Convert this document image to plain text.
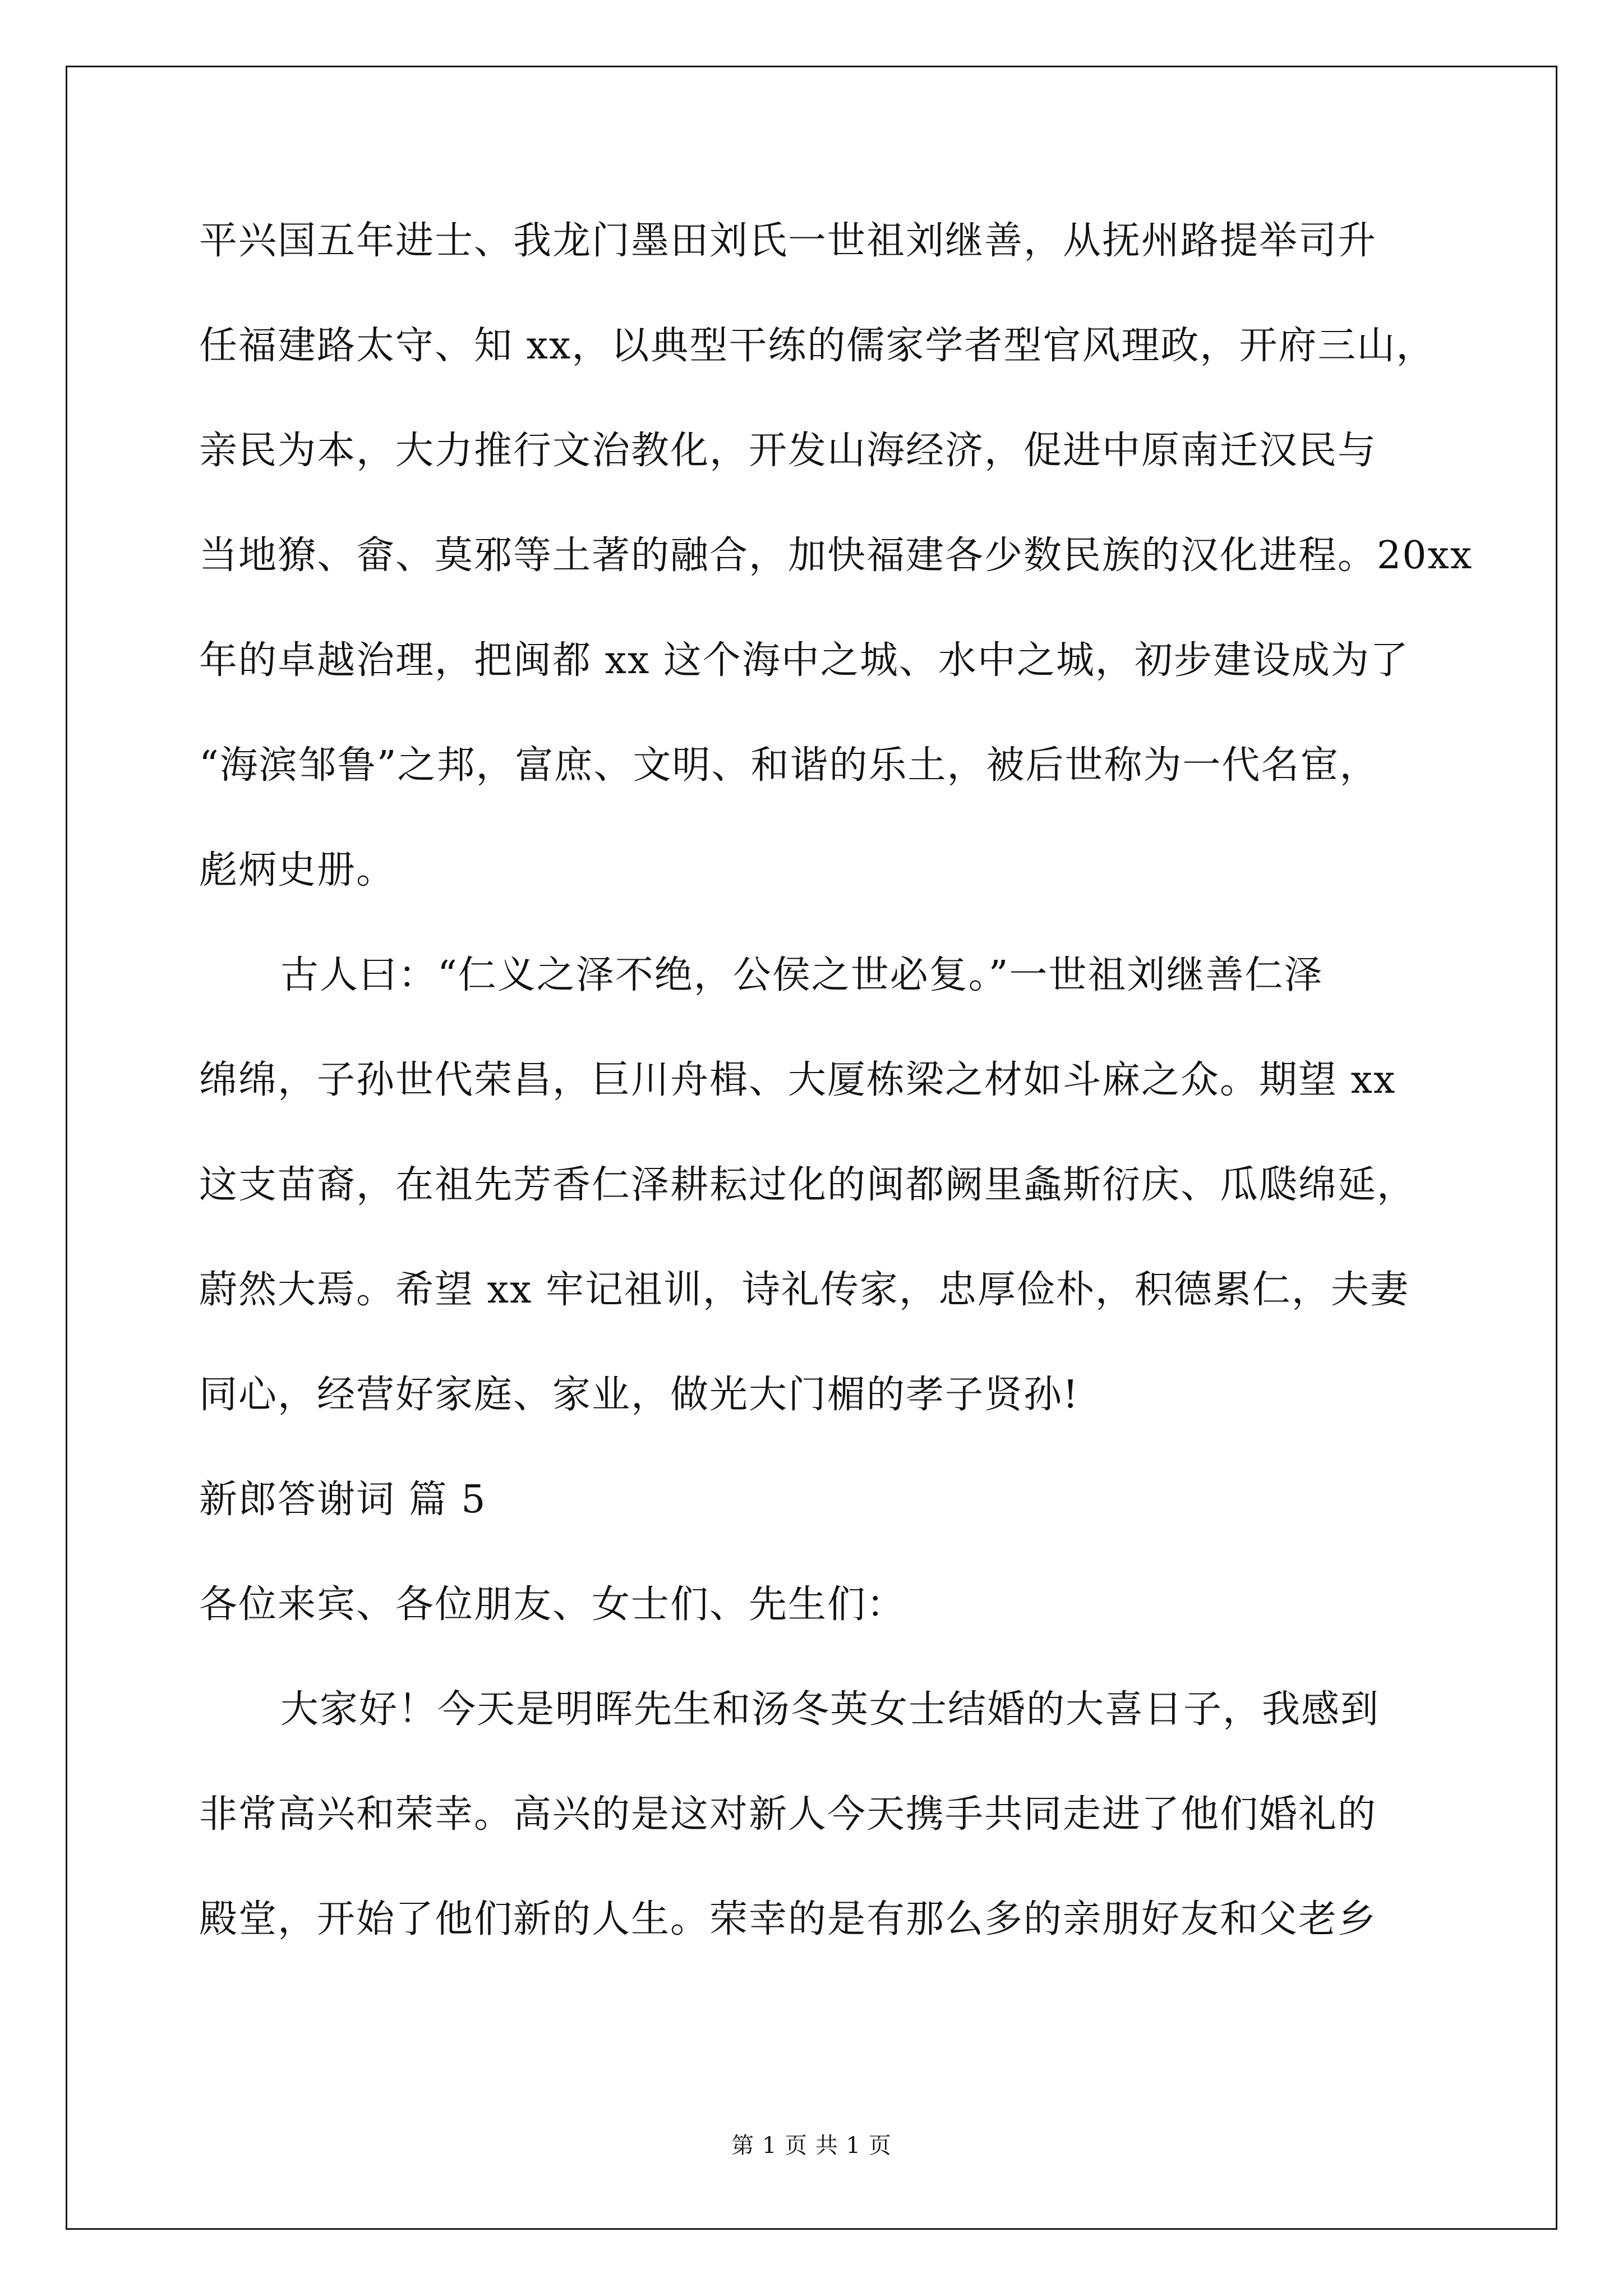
平兴国五年进士、我龙门墨田刘氏一世祖刘继善，从抚州路提举司升
任福建路太守、知 xx，以典型干练的儒家学者型官风理政，开府三山，
亲民为本，大力推行文治教化，开发山海经济，促进中原南迁汉民与
当地獠、畲、莫邪等土著的融合，加快福建各少数民族的汉化进程。20xx
年的卓越治理，把闽都 xx 这个海中之城、水中之城，初步建设成为了
“海滨邹鲁”之邦，富庶、文明、和谐的乐土，被后世称为一代名宦，
彪炳史册。
古人曰：“仁义之泽不绝，公侯之世必复。”一世祖刘继善仁泽
绵绵，子孙世代荣昌，巨川舟楫、大厦栋梁之材如斗麻之众。期望 xx
这支苗裔，在祖先芳香仁泽耕耘过化的闽都阙里螽斯衍庆、瓜瓞绵延，
蔚然大焉。希望 xx 牢记祖训，诗礼传家，忠厚俭朴，积德累仁，夫妻
同心，经营好家庭、家业，做光大门楣的孝子贤孙!
新郎答谢词 篇 5
各位来宾、各位朋友、女士们、先生们：
大家好！今天是明晖先生和汤冬英女士结婚的大喜日子，我感到
非常高兴和荣幸。高兴的是这对新人今天携手共同走进了他们婚礼的
殿堂，开始了他们新的人生。荣幸的是有那么多的亲朋好友和父老乡
第 1 页 共 1 页
